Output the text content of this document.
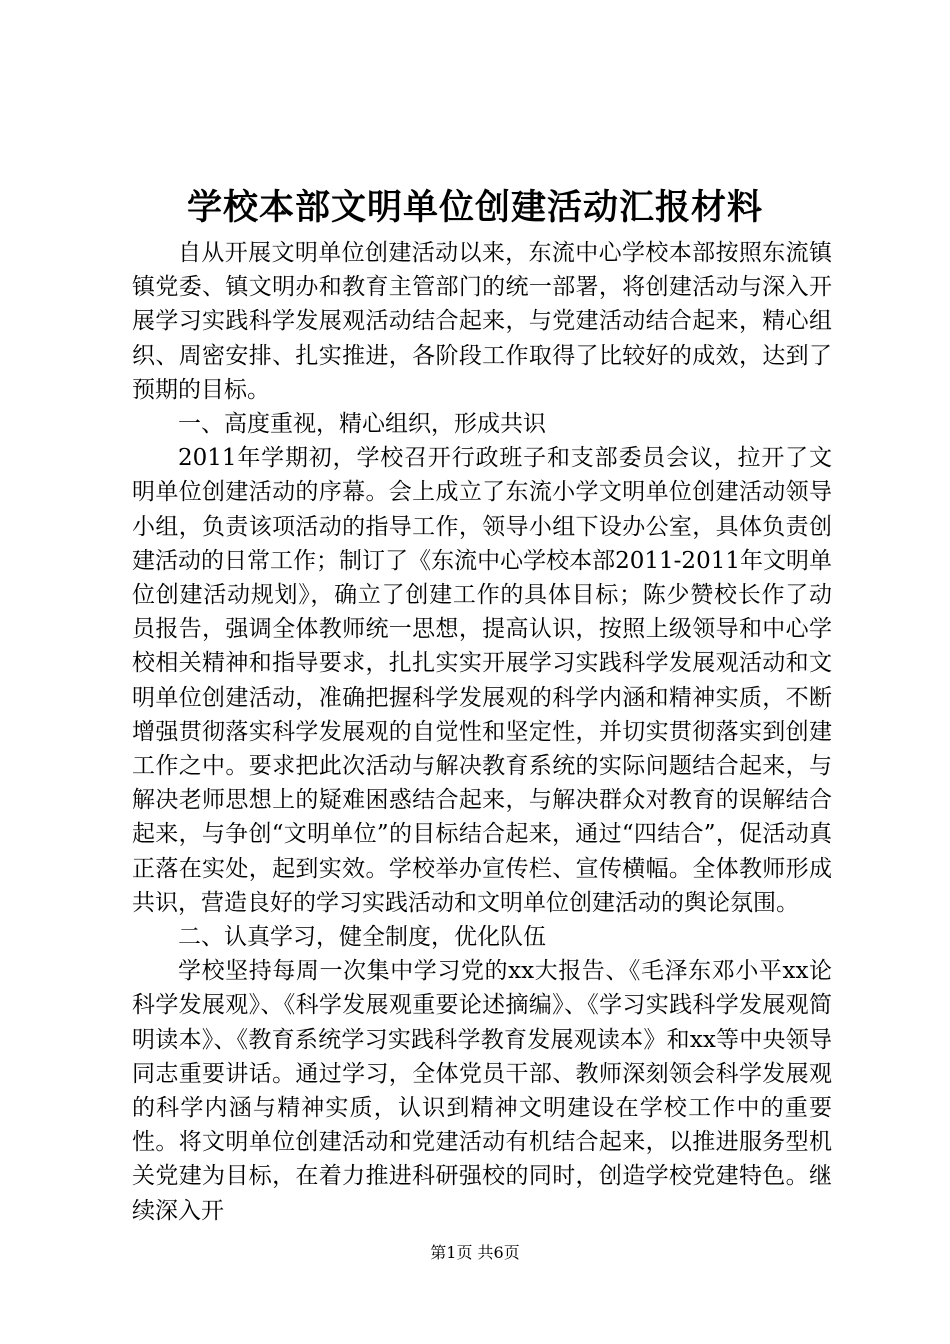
学校本部文明单位创建活动汇报材料

自从开展文明单位创建活动以来，东流中心学校本部按照东流镇镇党委、镇文明办和教育主管部门的统一部署，将创建活动与深入开展学习实践科学发展观活动结合起来，与党建活动结合起来，精心组织、周密安排、扎实推进，各阶段工作取得了比较好的成效，达到了预期的目标。

一、高度重视，精心组织，形成共识

2011年学期初，学校召开行政班子和支部委员会议，拉开了文明单位创建活动的序幕。会上成立了东流小学文明单位创建活动领导小组，负责该项活动的指导工作，领导小组下设办公室，具体负责创建活动的日常工作；制订了《东流中心学校本部2011-2011年文明单位创建活动规划》，确立了创建工作的具体目标；陈少赞校长作了动员报告，强调全体教师统一思想，提高认识，按照上级领导和中心学校相关精神和指导要求，扎扎实实开展学习实践科学发展观活动和文明单位创建活动，准确把握科学发展观的科学内涵和精神实质，不断增强贯彻落实科学发展观的自觉性和坚定性，并切实贯彻落实到创建工作之中。要求把此次活动与解决教育系统的实际问题结合起来，与解决老师思想上的疑难困惑结合起来，与解决群众对教育的误解结合起来，与争创“文明单位”的目标结合起来，通过“四结合”，促活动真正落在实处，起到实效。学校举办宣传栏、宣传横幅。全体教师形成共识，营造良好的学习实践活动和文明单位创建活动的舆论氛围。

二、认真学习，健全制度，优化队伍

学校坚持每周一次集中学习党的xx大报告、《毛泽东邓小平xx论科学发展观》、《科学发展观重要论述摘编》、《学习实践科学发展观简明读本》、《教育系统学习实践科学教育发展观读本》和xx等中央领导同志重要讲话。通过学习，全体党员干部、教师深刻领会科学发展观的科学内涵与精神实质，认识到精神文明建设在学校工作中的重要性。将文明单位创建活动和党建活动有机结合起来，以推进服务型机关党建为目标，在着力推进科研强校的同时，创造学校党建特色。继续深入开

第1页 共6页
